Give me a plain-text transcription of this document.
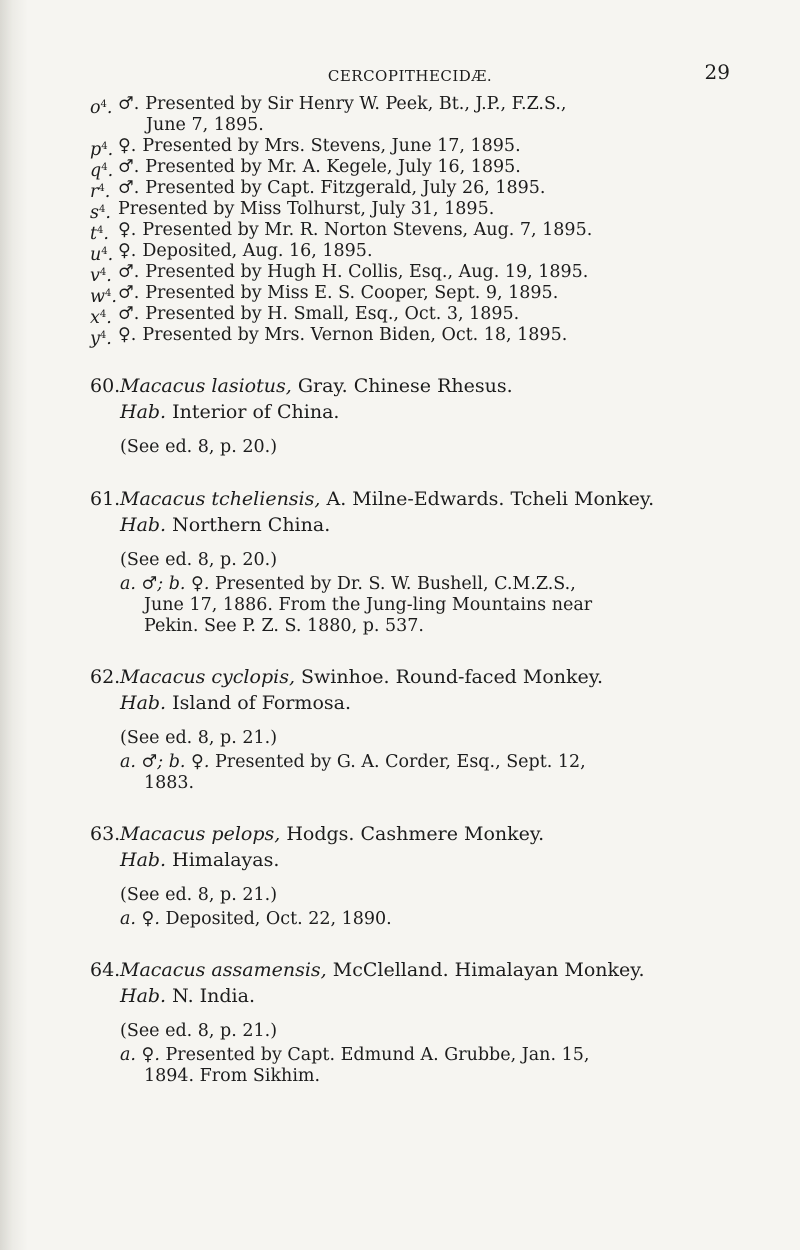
CERCOPITHECIDÆ.	29

$o^4$. ♂. Presented by Sir Henry W. Peek, Bt., J.P., F.Z.S.,
June 7, 1895.

$p^4$. ♀. Presented by Mrs. Stevens, June 17, 1895.

$q^4$. ♂. Presented by Mr. A. Kegele, July 16, 1895.

$r^4$. ♂. Presented by Capt. Fitzgerald, July 26, 1895.

$s^4$. Presented by Miss Tolhurst, July 31, 1895.

$t^4$. ♀. Presented by Mr. R. Norton Stevens, Aug. 7, 1895.

$u^4$. ♀. Deposited, Aug. 16, 1895.

$v^4$. ♂. Presented by Hugh H. Collis, Esq., Aug. 19, 1895.

$w^4$. ♂. Presented by Miss E. S. Cooper, Sept. 9, 1895.

$x^4$. ♂. Presented by H. Small, Esq., Oct. 3, 1895.

$y^4$. ♀. Presented by Mrs. Vernon Biden, Oct. 18, 1895.

60.Macacus lasiotus, Gray. Chinese Rhesus.
Hab. Interior of China.
(See ed. 8, p. 20.)
61.Macacus tcheliensis, A. Milne-Edwards. Tcheli Monkey.
Hab. Northern China.
(See ed. 8, p. 20.)
a. ♂; b. ♀. Presented by Dr. S. W. Bushell, C.M.Z.S.,
June 17, 1886. From the Jung-ling Mountains near
Pekin. See P. Z. S. 1880, p. 537.
62.Macacus cyclopis, Swinhoe. Round-faced Monkey.
Hab. Island of Formosa.
(See ed. 8, p. 21.)
a. ♂; b. ♀. Presented by G. A. Corder, Esq., Sept. 12,
1883.
63.Macacus pelops, Hodgs. Cashmere Monkey.
Hab. Himalayas.
(See ed. 8, p. 21.)
a. ♀. Deposited, Oct. 22, 1890.
64.Macacus assamensis, McClelland. Himalayan Monkey.
Hab. N. India.
(See ed. 8, p. 21.)
a. ♀. Presented by Capt. Edmund A. Grubbe, Jan. 15,
1894. From Sikhim.
